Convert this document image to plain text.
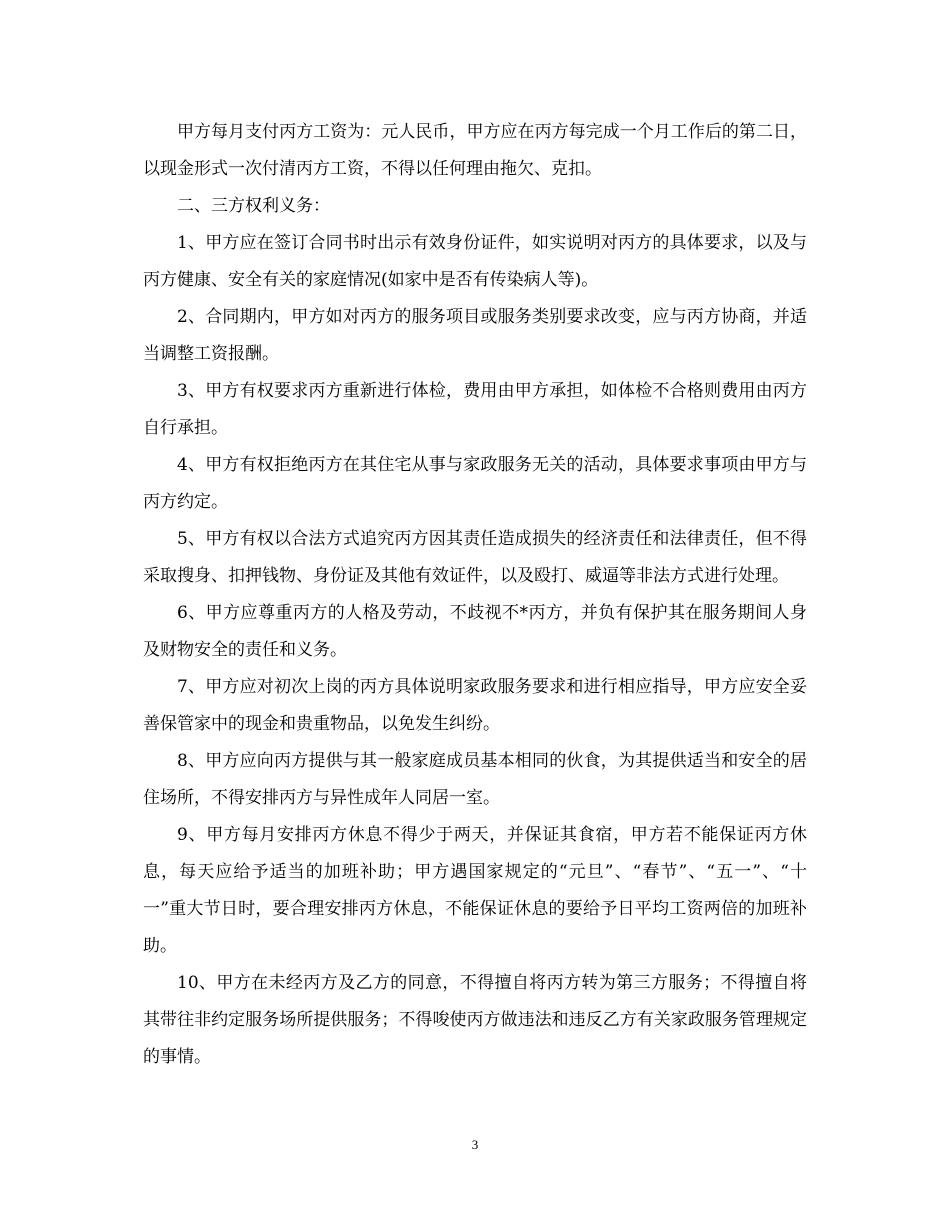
甲方每月支付丙方工资为：元人民币，甲方应在丙方每完成一个月工作后的第二日，以现金形式一次付清丙方工资，不得以任何理由拖欠、克扣。

二、三方权利义务：

1、甲方应在签订合同书时出示有效身份证件，如实说明对丙方的具体要求，以及与丙方健康、安全有关的家庭情况(如家中是否有传染病人等)。

2、合同期内，甲方如对丙方的服务项目或服务类别要求改变，应与丙方协商，并适当调整工资报酬。

3、甲方有权要求丙方重新进行体检，费用由甲方承担，如体检不合格则费用由丙方自行承担。

4、甲方有权拒绝丙方在其住宅从事与家政服务无关的活动，具体要求事项由甲方与丙方约定。

5、甲方有权以合法方式追究丙方因其责任造成损失的经济责任和法律责任，但不得采取搜身、扣押钱物、身份证及其他有效证件，以及殴打、威逼等非法方式进行处理。

6、甲方应尊重丙方的人格及劳动，不歧视不*丙方，并负有保护其在服务期间人身及财物安全的责任和义务。

7、甲方应对初次上岗的丙方具体说明家政服务要求和进行相应指导，甲方应安全妥善保管家中的现金和贵重物品，以免发生纠纷。

8、甲方应向丙方提供与其一般家庭成员基本相同的伙食，为其提供适当和安全的居住场所，不得安排丙方与异性成年人同居一室。

9、甲方每月安排丙方休息不得少于两天，并保证其食宿，甲方若不能保证丙方休息，每天应给予适当的加班补助；甲方遇国家规定的“元旦”、“春节”、“五一”、“十一”重大节日时，要合理安排丙方休息，不能保证休息的要给予日平均工资两倍的加班补助。

10、甲方在未经丙方及乙方的同意，不得擅自将丙方转为第三方服务；不得擅自将其带往非约定服务场所提供服务；不得唆使丙方做违法和违反乙方有关家政服务管理规定的事情。

3
